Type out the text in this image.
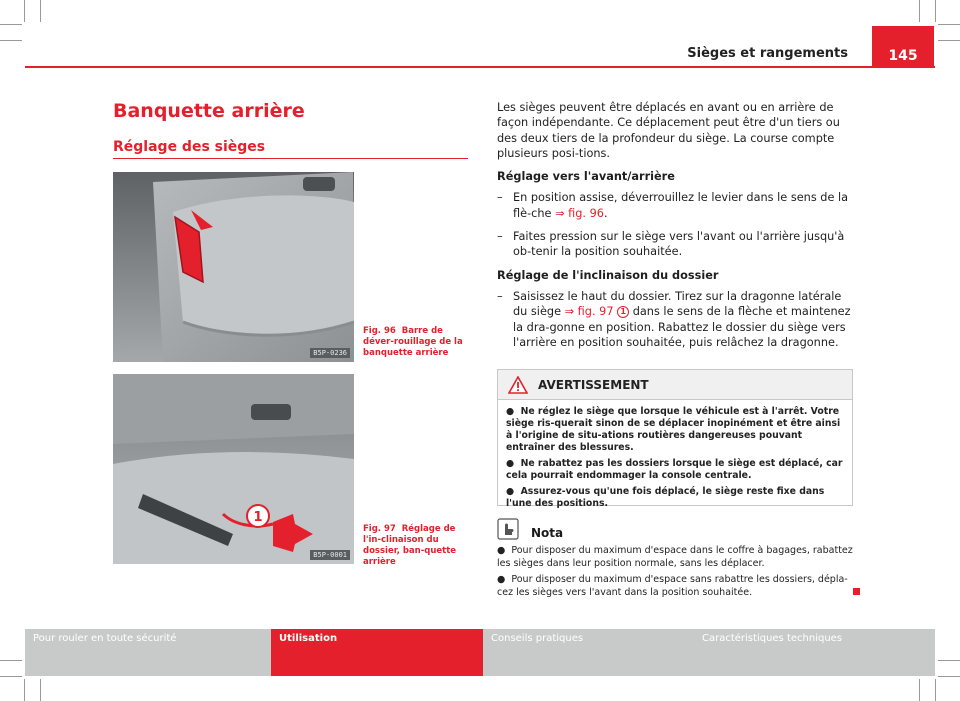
Sièges et rangements	145
Banquette arrière
Réglage des sièges
B5P-0236
Fig. 96 Barre de déver-rouillage de la banquette arrière
1
B5P-0001
Fig. 97 Réglage de l'in-clinaison du dossier, ban-quette arrière
Les sièges peuvent être déplacés en avant ou en arrière de façon indépendante. Ce déplacement peut être d'un tiers ou des deux tiers de la profondeur du siège. La course compte plusieurs posi-tions.
Réglage vers l'avant/arrière
– En position assise, déverrouillez le levier dans le sens de la flè-che ⇒ fig. 96.
– Faites pression sur le siège vers l'avant ou l'arrière jusqu'à ob-tenir la position souhaitée.
Réglage de l'inclinaison du dossier
– Saisissez le haut du dossier. Tirez sur la dragonne latérale du siège ⇒ fig. 97 1 dans le sens de la flèche et maintenez la dra-gonne en position. Rabattez le dossier du siège vers l'arrière en position souhaitée, puis relâchez la dragonne.
AVERTISSEMENT
● Ne réglez le siège que lorsque le véhicule est à l'arrêt. Votre siège ris-querait sinon de se déplacer inopinément et être ainsi à l'origine de situ-ations routières dangereuses pouvant entraîner des blessures.
● Ne rabattez pas les dossiers lorsque le siège est déplacé, car cela pourrait endommager la console centrale.
● Assurez-vous qu'une fois déplacé, le siège reste fixe dans l'une des positions.
Nota
● Pour disposer du maximum d'espace dans le coffre à bagages, rabattez les sièges dans leur position normale, sans les déplacer.
● Pour disposer du maximum d'espace sans rabattre les dossiers, dépla-cez les sièges vers l'avant dans la position souhaitée.
Pour rouler en toute sécurité	Utilisation	Conseils pratiques	Caractéristiques techniques
